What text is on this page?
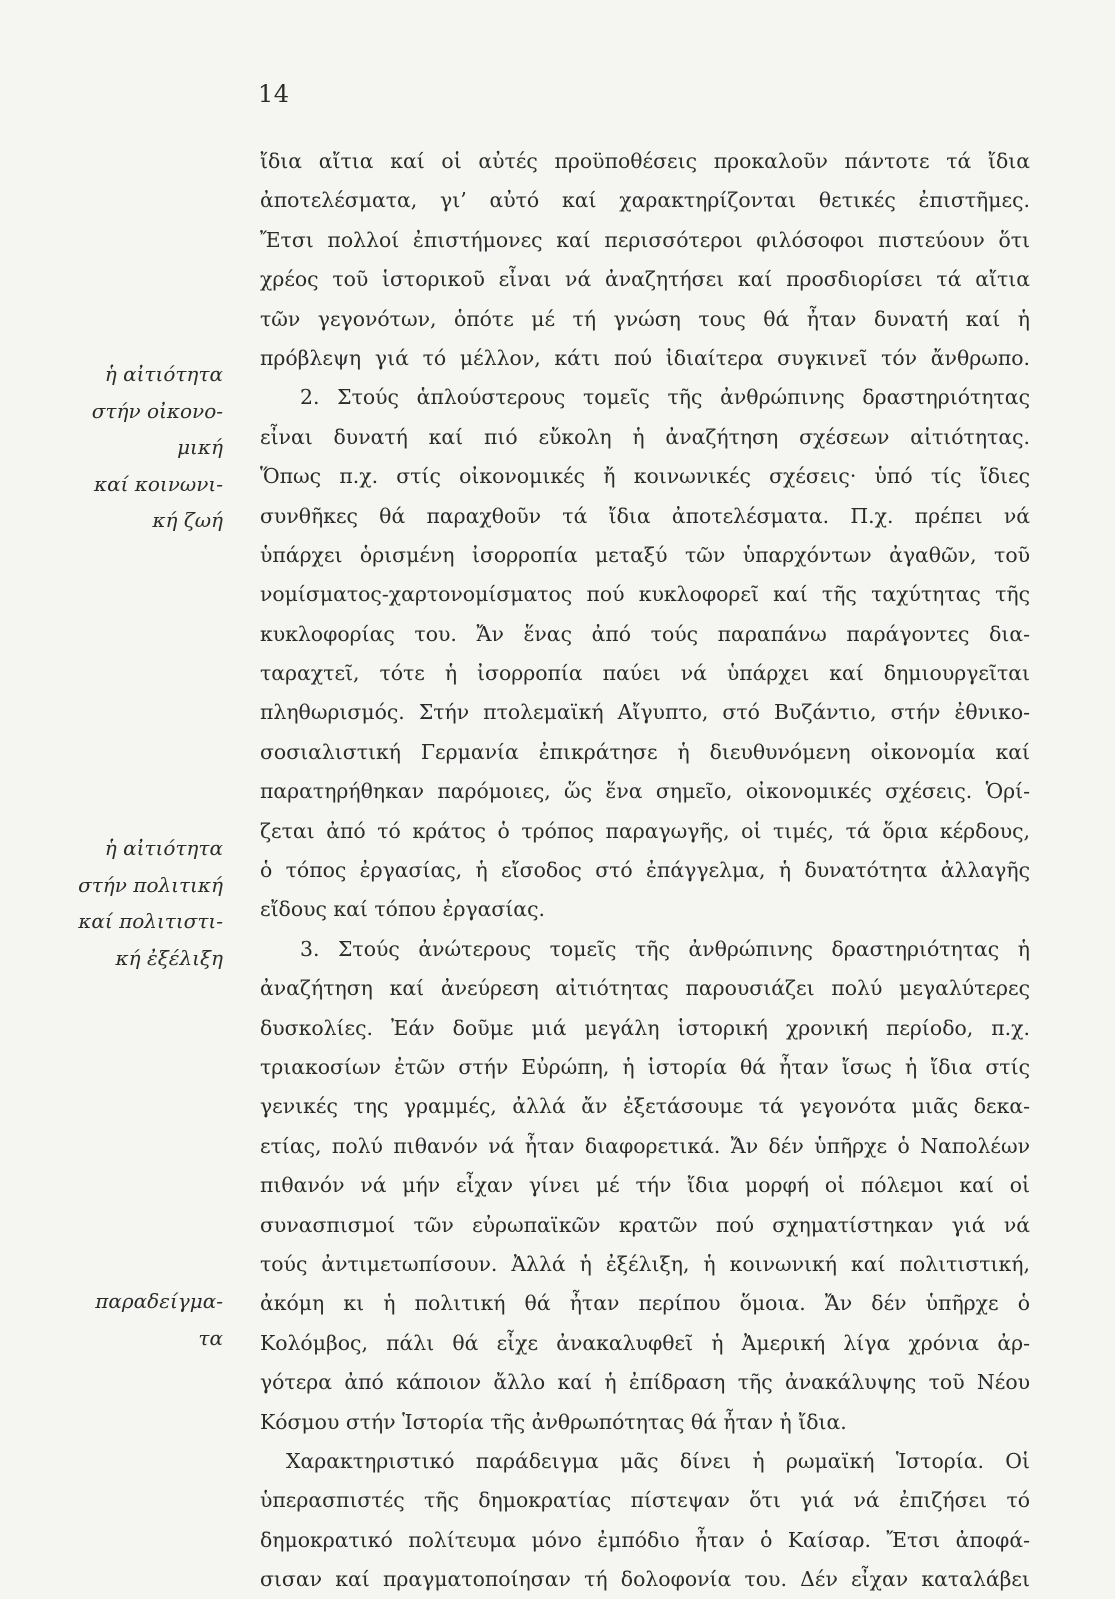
14
ἡ αἰτιότητα
στήν οἰκονο-
μική
καί κοινωνι-
κή ζωή
ἡ αἰτιότητα
στήν πολιτική
καί πολιτιστι-
κή ἐξέλιξη
παραδείγμα-
τα
ἴδια αἴτια καί οἱ αὐτές προϋποθέσεις προκαλοῦν πάντοτε τά ἴδια
ἀποτελέσματα, γι’ αὐτό καί χαρακτηρίζονται θετικές ἐπιστῆμες.
Ἔτσι πολλοί ἐπιστήμονες καί περισσότεροι φιλόσοφοι πιστεύουν ὅτι
χρέος τοῦ ἱστορικοῦ εἶναι νά ἀναζητήσει καί προσδιορίσει τά αἴτια
τῶν γεγονότων, ὁπότε μέ τή γνώση τους θά ἦταν δυνατή καί ἡ
πρόβλεψη γιά τό μέλλον, κάτι πού ἰδιαίτερα συγκινεῖ τόν ἄνθρωπο.
2. Στούς ἁπλούστερους τομεῖς τῆς ἀνθρώπινης δραστηριότητας
εἶναι δυνατή καί πιό εὔκολη ἡ ἀναζήτηση σχέσεων αἰτιότητας.
Ὅπως π.χ. στίς οἰκονομικές ἤ κοινωνικές σχέσεις· ὑπό τίς ἴδιες
συνθῆκες θά παραχθοῦν τά ἴδια ἀποτελέσματα. Π.χ. πρέπει νά
ὑπάρχει ὁρισμένη ἰσορροπία μεταξύ τῶν ὑπαρχόντων ἀγαθῶν, τοῦ
νομίσματος-χαρτονομίσματος πού κυκλοφορεῖ καί τῆς ταχύτητας τῆς
κυκλοφορίας του. Ἄν ἕνας ἀπό τούς παραπάνω παράγοντες δια-
ταραχτεῖ, τότε ἡ ἰσορροπία παύει νά ὑπάρχει καί δημιουργεῖται
πληθωρισμός. Στήν πτολεμαϊκή Αἴγυπτο, στό Βυζάντιο, στήν ἐθνικο-
σοσιαλιστική Γερμανία ἐπικράτησε ἡ διευθυνόμενη οἰκονομία καί
παρατηρήθηκαν παρόμοιες, ὥς ἕνα σημεῖο, οἰκονομικές σχέσεις. Ὁρί-
ζεται ἀπό τό κράτος ὁ τρόπος παραγωγῆς, οἱ τιμές, τά ὅρια κέρδους,
ὁ τόπος ἐργασίας, ἡ εἴσοδος στό ἐπάγγελμα, ἡ δυνατότητα ἀλλαγῆς
εἴδους καί τόπου ἐργασίας.
3. Στούς ἀνώτερους τομεῖς τῆς ἀνθρώπινης δραστηριότητας ἡ
ἀναζήτηση καί ἀνεύρεση αἰτιότητας παρουσιάζει πολύ μεγαλύτερες
δυσκολίες. Ἐάν δοῦμε μιά μεγάλη ἱστορική χρονική περίοδο, π.χ.
τριακοσίων ἐτῶν στήν Εὐρώπη, ἡ ἱστορία θά ἦταν ἴσως ἡ ἴδια στίς
γενικές της γραμμές, ἀλλά ἄν ἐξετάσουμε τά γεγονότα μιᾶς δεκα-
ετίας, πολύ πιθανόν νά ἦταν διαφορετικά. Ἄν δέν ὑπῆρχε ὁ Ναπολέων
πιθανόν νά μήν εἶχαν γίνει μέ τήν ἴδια μορφή οἱ πόλεμοι καί οἱ
συνασπισμοί τῶν εὐρωπαϊκῶν κρατῶν πού σχηματίστηκαν γιά νά
τούς ἀντιμετωπίσουν. Ἀλλά ἡ ἐξέλιξη, ἡ κοινωνική καί πολιτιστική,
ἀκόμη κι ἡ πολιτική θά ἦταν περίπου ὅμοια. Ἄν δέν ὑπῆρχε ὁ
Κολόμβος, πάλι θά εἶχε ἀνακαλυφθεῖ ἡ Ἀμερική λίγα χρόνια ἀρ-
γότερα ἀπό κάποιον ἄλλο καί ἡ ἐπίδραση τῆς ἀνακάλυψης τοῦ Νέου
Κόσμου στήν Ἱστορία τῆς ἀνθρωπότητας θά ἦταν ἡ ἴδια.
Χαρακτηριστικό παράδειγμα μᾶς δίνει ἡ ρωμαϊκή Ἱστορία. Οἱ
ὑπερασπιστές τῆς δημοκρατίας πίστεψαν ὅτι γιά νά ἐπιζήσει τό
δημοκρατικό πολίτευμα μόνο ἐμπόδιο ἦταν ὁ Καίσαρ. Ἔτσι ἀποφά-
σισαν καί πραγματοποίησαν τή δολοφονία του. Δέν εἶχαν καταλάβει
